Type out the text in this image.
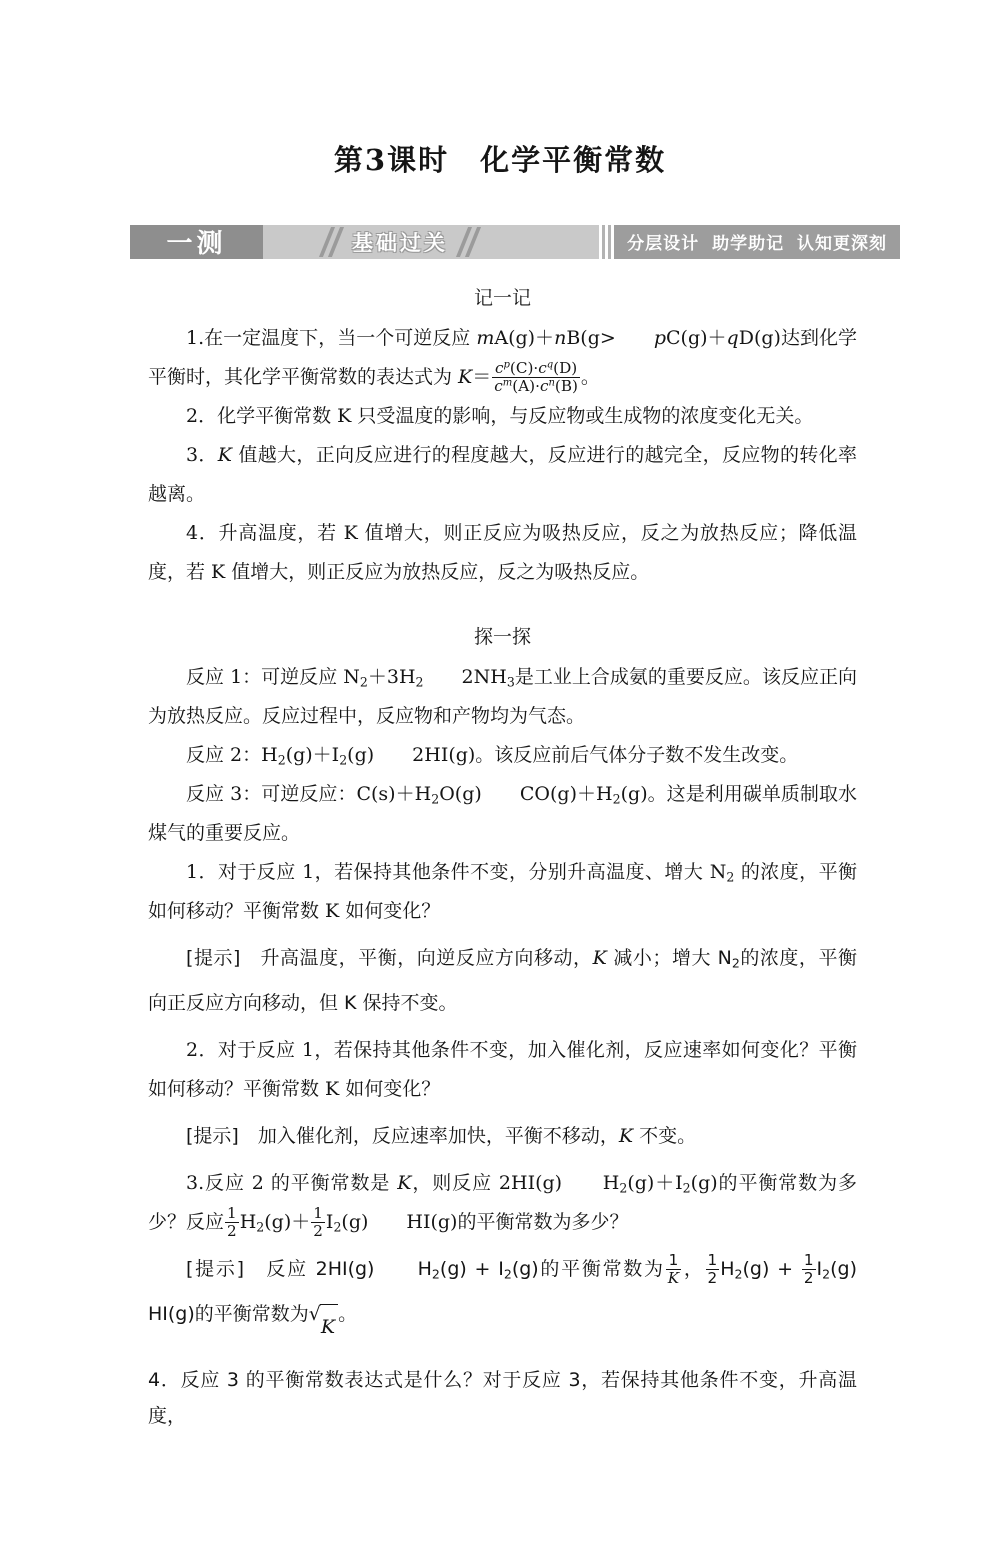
第3课时　化学平衡常数
一测	基础过关	分层设计 助学助记 认知更深刻
记一记

1.在一定温度下，当一个可逆反应 mA(g)＋nB(g>　　 pC(g)＋qD(g)达到化学平衡时，其化学平衡常数的表达式为 $K= \frac{c^p(C)\cdot c^q(D)}{c^m(A)\cdot c^n(B)}$ 。

2．化学平衡常数 K 只受温度的影响，与反应物或生成物的浓度变化无关。

3．K 值越大，正向反应进行的程度越大，反应进行的越完全，反应物的转化率越离。

4．升高温度，若 K 值增大，则正反应为吸热反应，反之为放热反应；降低温度，若 K 值增大，则正反应为放热反应，反之为吸热反应。

探一探

反应 1：可逆反应 N2＋3H2　　2NH3是工业上合成氨的重要反应。该反应正向为放热反应。反应过程中，反应物和产物均为气态。

反应 2：H2(g)＋I2(g)　　2HI(g)。该反应前后气体分子数不发生改变。

反应 3：可逆反应：C(s)＋H2O(g)　　CO(g)＋H2(g)。这是利用碳单质制取水煤气的重要反应。

1．对于反应 1，若保持其他条件不变，分别升高温度、增大 N2 的浓度，平衡如何移动？平衡常数 K 如何变化？

[提示]　升高温度，平衡，向逆反应方向移动，K 减小；增大 N2的浓度，平衡向正反应方向移动，但 K 保持不变。

2．对于反应 1，若保持其他条件不变，加入催化剂，反应速率如何变化？平衡如何移动？平衡常数 K 如何变化？

[提示]　加入催化剂，反应速率加快，平衡不移动，K 不变。

3.反应 2 的平衡常数是 K，则反应 2HI(g)　　H2(g)＋I2(g)的平衡常数为多少？反应 $\frac{1}{2} H2(g)+ \frac{1}{2} I2(g)$　　HI(g)的平衡常数为多少？

[提示]　反应 2HI(g)　　H2(g) + I2(g)的平衡常数为 $\frac{1}{K}$ ， $\frac{1}{2} H2(g) + \frac{1}{2} I2(g)$　　HI(g)的平衡常数为 √
K
。

4．反应 3 的平衡常数表达式是什么？对于反应 3，若保持其他条件不变，升高温度，
